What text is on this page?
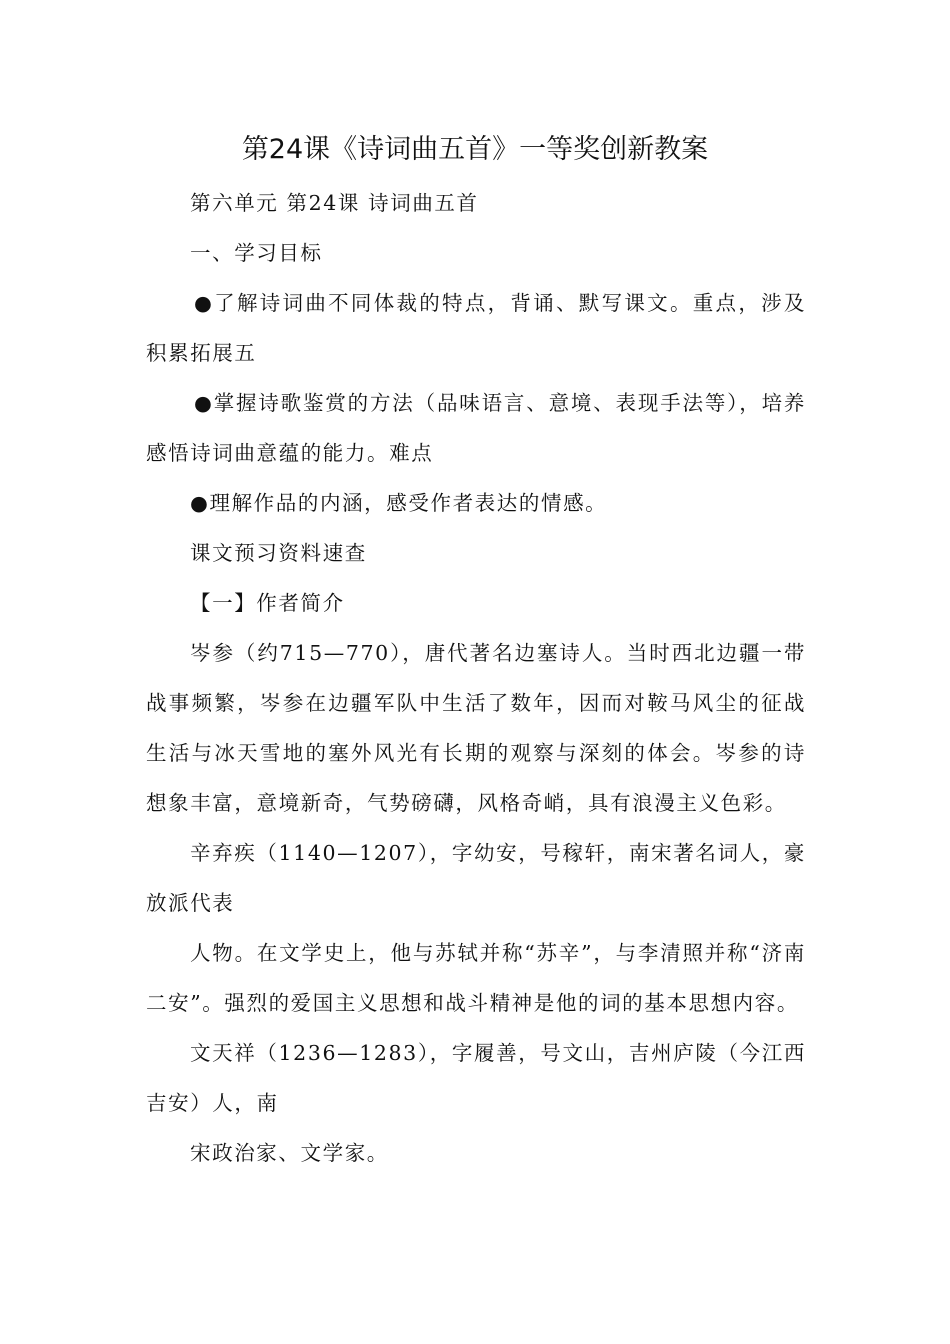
第24课《诗词曲五首》一等奖创新教案

第六单元 第24课 诗词曲五首

一、学习目标

●了解诗词曲不同体裁的特点，背诵、默写课文。重点，涉及积累拓展五

●掌握诗歌鉴赏的方法（品味语言、意境、表现手法等），培养感悟诗词曲意蕴的能力。难点

●理解作品的内涵，感受作者表达的情感。

课文预习资料速查

【一】作者简介

岑参（约715—770），唐代著名边塞诗人。当时西北边疆一带战事频繁，岑参在边疆军队中生活了数年，因而对鞍马风尘的征战生活与冰天雪地的塞外风光有长期的观察与深刻的体会。岑参的诗想象丰富，意境新奇，气势磅礴，风格奇峭，具有浪漫主义色彩。

辛弃疾（1140—1207），字幼安，号稼轩，南宋著名词人，豪放派代表

人物。在文学史上，他与苏轼并称“苏辛”，与李清照并称“济南二安”。强烈的爱国主义思想和战斗精神是他的词的基本思想内容。

文天祥（1236—1283），字履善，号文山，吉州庐陵（今江西吉安）人，南

宋政治家、文学家。
